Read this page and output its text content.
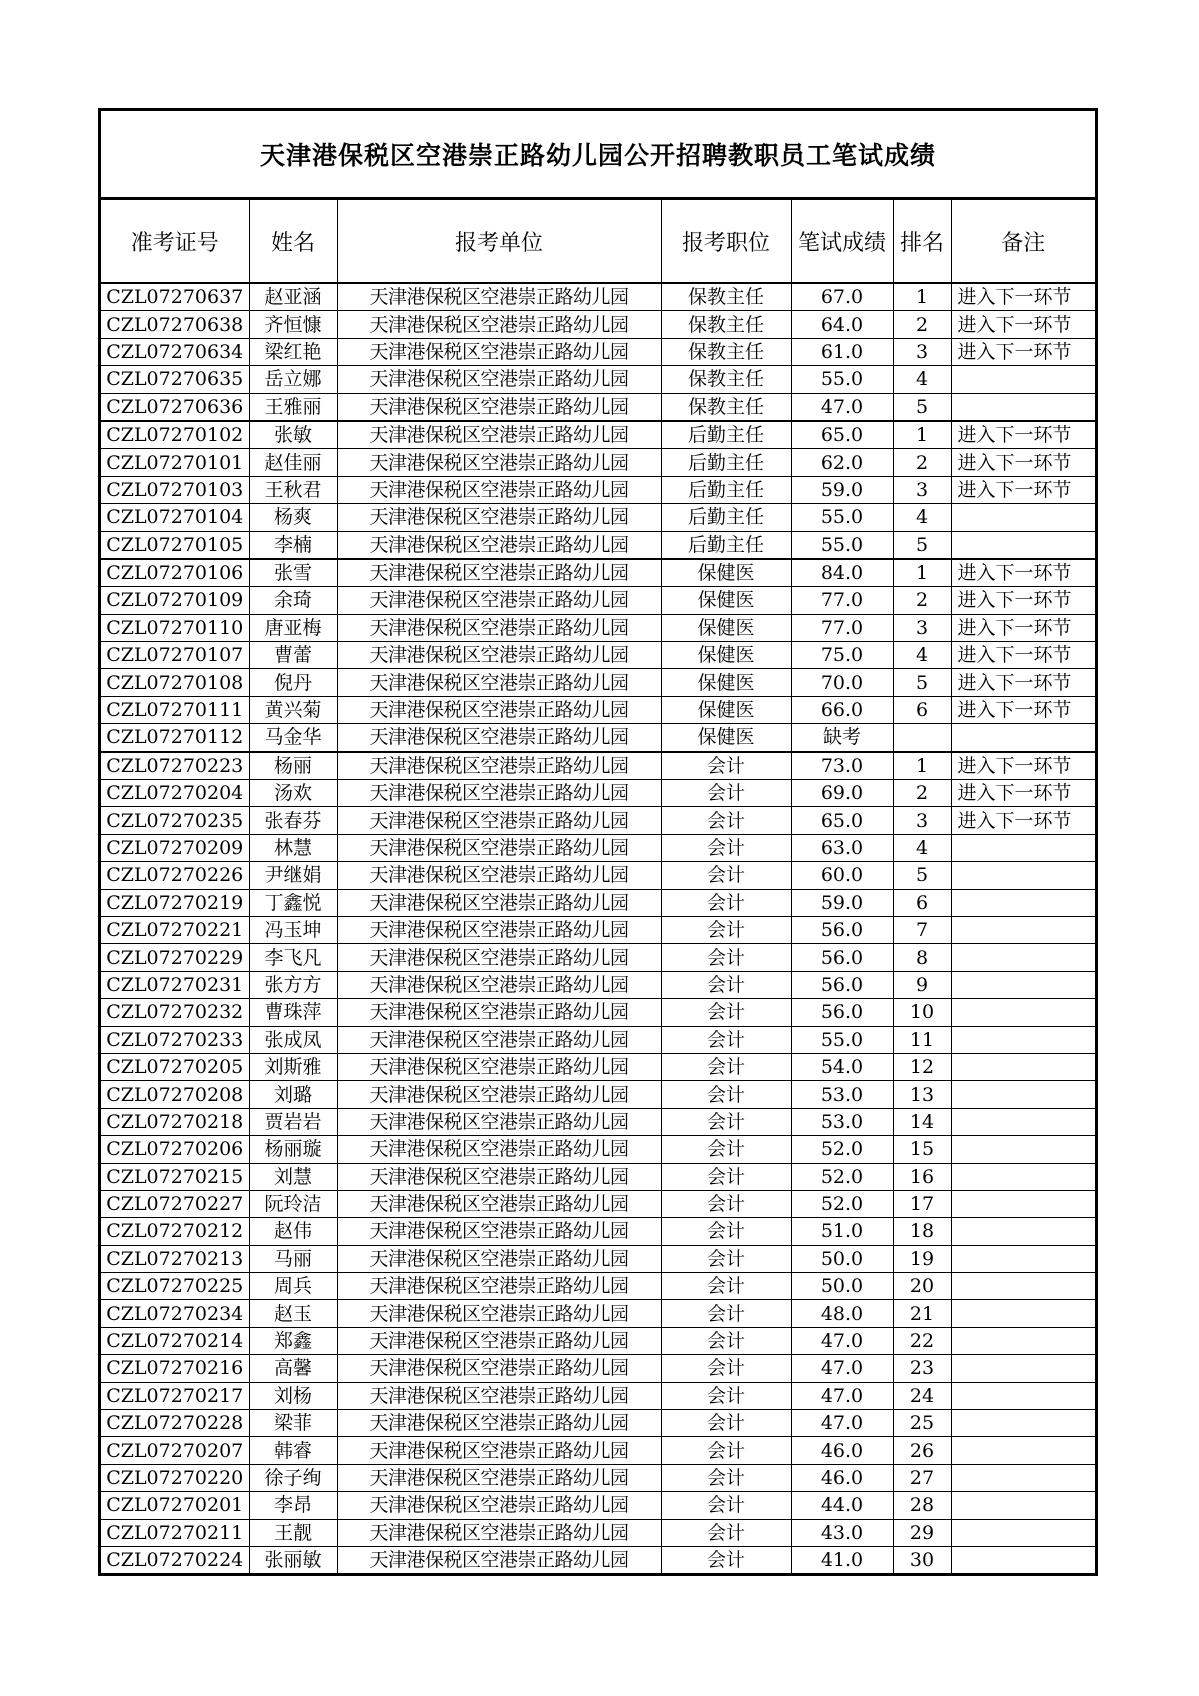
天津港保税区空港崇正路幼儿园公开招聘教职员工笔试成绩
准考证号	姓名	报考单位	报考职位	笔试成绩	排名	备注
CZL07270637	赵亚涵	天津港保税区空港崇正路幼儿园	保教主任	67.0	1	进入下一环节
CZL07270638	齐恒慷	天津港保税区空港崇正路幼儿园	保教主任	64.0	2	进入下一环节
CZL07270634	梁红艳	天津港保税区空港崇正路幼儿园	保教主任	61.0	3	进入下一环节
CZL07270635	岳立娜	天津港保税区空港崇正路幼儿园	保教主任	55.0	4	
CZL07270636	王雅丽	天津港保税区空港崇正路幼儿园	保教主任	47.0	5	
CZL07270102	张敏	天津港保税区空港崇正路幼儿园	后勤主任	65.0	1	进入下一环节
CZL07270101	赵佳丽	天津港保税区空港崇正路幼儿园	后勤主任	62.0	2	进入下一环节
CZL07270103	王秋君	天津港保税区空港崇正路幼儿园	后勤主任	59.0	3	进入下一环节
CZL07270104	杨爽	天津港保税区空港崇正路幼儿园	后勤主任	55.0	4	
CZL07270105	李楠	天津港保税区空港崇正路幼儿园	后勤主任	55.0	5	
CZL07270106	张雪	天津港保税区空港崇正路幼儿园	保健医	84.0	1	进入下一环节
CZL07270109	余琦	天津港保税区空港崇正路幼儿园	保健医	77.0	2	进入下一环节
CZL07270110	唐亚梅	天津港保税区空港崇正路幼儿园	保健医	77.0	3	进入下一环节
CZL07270107	曹蕾	天津港保税区空港崇正路幼儿园	保健医	75.0	4	进入下一环节
CZL07270108	倪丹	天津港保税区空港崇正路幼儿园	保健医	70.0	5	进入下一环节
CZL07270111	黄兴菊	天津港保税区空港崇正路幼儿园	保健医	66.0	6	进入下一环节
CZL07270112	马金华	天津港保税区空港崇正路幼儿园	保健医	缺考		
CZL07270223	杨丽	天津港保税区空港崇正路幼儿园	会计	73.0	1	进入下一环节
CZL07270204	汤欢	天津港保税区空港崇正路幼儿园	会计	69.0	2	进入下一环节
CZL07270235	张春芬	天津港保税区空港崇正路幼儿园	会计	65.0	3	进入下一环节
CZL07270209	林慧	天津港保税区空港崇正路幼儿园	会计	63.0	4	
CZL07270226	尹继娟	天津港保税区空港崇正路幼儿园	会计	60.0	5	
CZL07270219	丁鑫悦	天津港保税区空港崇正路幼儿园	会计	59.0	6	
CZL07270221	冯玉坤	天津港保税区空港崇正路幼儿园	会计	56.0	7	
CZL07270229	李飞凡	天津港保税区空港崇正路幼儿园	会计	56.0	8	
CZL07270231	张方方	天津港保税区空港崇正路幼儿园	会计	56.0	9	
CZL07270232	曹珠萍	天津港保税区空港崇正路幼儿园	会计	56.0	10	
CZL07270233	张成凤	天津港保税区空港崇正路幼儿园	会计	55.0	11	
CZL07270205	刘斯雅	天津港保税区空港崇正路幼儿园	会计	54.0	12	
CZL07270208	刘璐	天津港保税区空港崇正路幼儿园	会计	53.0	13	
CZL07270218	贾岩岩	天津港保税区空港崇正路幼儿园	会计	53.0	14	
CZL07270206	杨丽璇	天津港保税区空港崇正路幼儿园	会计	52.0	15	
CZL07270215	刘慧	天津港保税区空港崇正路幼儿园	会计	52.0	16	
CZL07270227	阮玲洁	天津港保税区空港崇正路幼儿园	会计	52.0	17	
CZL07270212	赵伟	天津港保税区空港崇正路幼儿园	会计	51.0	18	
CZL07270213	马丽	天津港保税区空港崇正路幼儿园	会计	50.0	19	
CZL07270225	周兵	天津港保税区空港崇正路幼儿园	会计	50.0	20	
CZL07270234	赵玉	天津港保税区空港崇正路幼儿园	会计	48.0	21	
CZL07270214	郑鑫	天津港保税区空港崇正路幼儿园	会计	47.0	22	
CZL07270216	高馨	天津港保税区空港崇正路幼儿园	会计	47.0	23	
CZL07270217	刘杨	天津港保税区空港崇正路幼儿园	会计	47.0	24	
CZL07270228	梁菲	天津港保税区空港崇正路幼儿园	会计	47.0	25	
CZL07270207	韩睿	天津港保税区空港崇正路幼儿园	会计	46.0	26	
CZL07270220	徐子绚	天津港保税区空港崇正路幼儿园	会计	46.0	27	
CZL07270201	李昂	天津港保税区空港崇正路幼儿园	会计	44.0	28	
CZL07270211	王靓	天津港保税区空港崇正路幼儿园	会计	43.0	29	
CZL07270224	张丽敏	天津港保税区空港崇正路幼儿园	会计	41.0	30	
